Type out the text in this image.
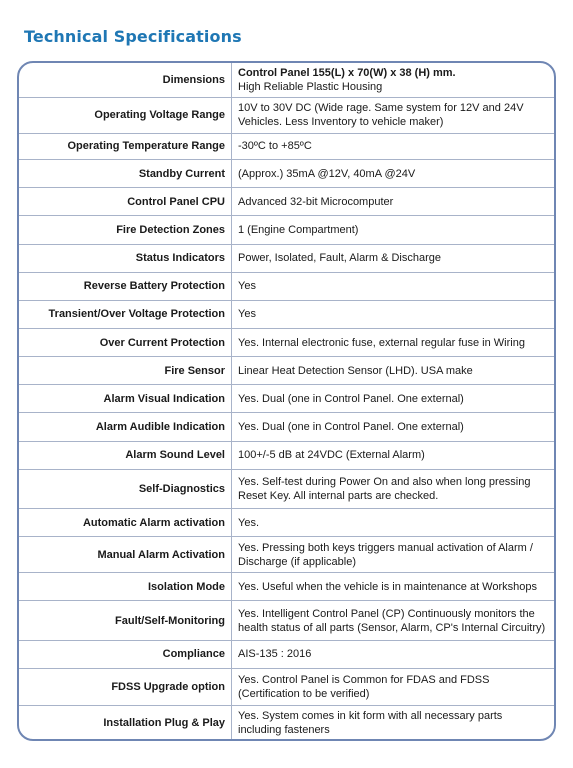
Technical Specifications
Dimensions	Control Panel 155(L) x 70(W) x 38 (H) mm.
High Reliable Plastic Housing

Operating Voltage Range	10V to 30V DC (Wide rage. Same system for 12V and 24V
Vehicles. Less Inventory to vehicle maker)

Operating Temperature Range	-30ºC to +85ºC

Standby Current	(Approx.) 35mA @12V, 40mA @24V

Control Panel CPU	Advanced 32-bit Microcomputer

Fire Detection Zones	1 (Engine Compartment)

Status Indicators	Power, Isolated, Fault, Alarm & Discharge

Reverse Battery Protection	Yes

Transient/Over Voltage Protection	Yes

Over Current Protection	Yes. Internal electronic fuse, external regular fuse in Wiring

Fire Sensor	Linear Heat Detection Sensor (LHD). USA make

Alarm Visual Indication	Yes. Dual (one in Control Panel. One external)

Alarm Audible Indication	Yes. Dual (one in Control Panel. One external)

Alarm Sound Level	100+/-5 dB at 24VDC (External Alarm)

Self-Diagnostics	Yes. Self-test during Power On and also when long pressing
Reset Key. All internal parts are checked.

Automatic Alarm activation	Yes.

Manual Alarm Activation	Yes. Pressing both keys triggers manual activation of Alarm /
Discharge (if applicable)

Isolation Mode	Yes. Useful when the vehicle is in maintenance at Workshops

Fault/Self-Monitoring	Yes. Intelligent Control Panel (CP) Continuously monitors the
health status of all parts (Sensor, Alarm, CP's Internal Circuitry)

Compliance	AIS-135 : 2016

FDSS Upgrade option	Yes. Control Panel is Common for FDAS and FDSS
(Certification to be verified)

Installation Plug & Play	Yes. System comes in kit form with all necessary parts
including fasteners
